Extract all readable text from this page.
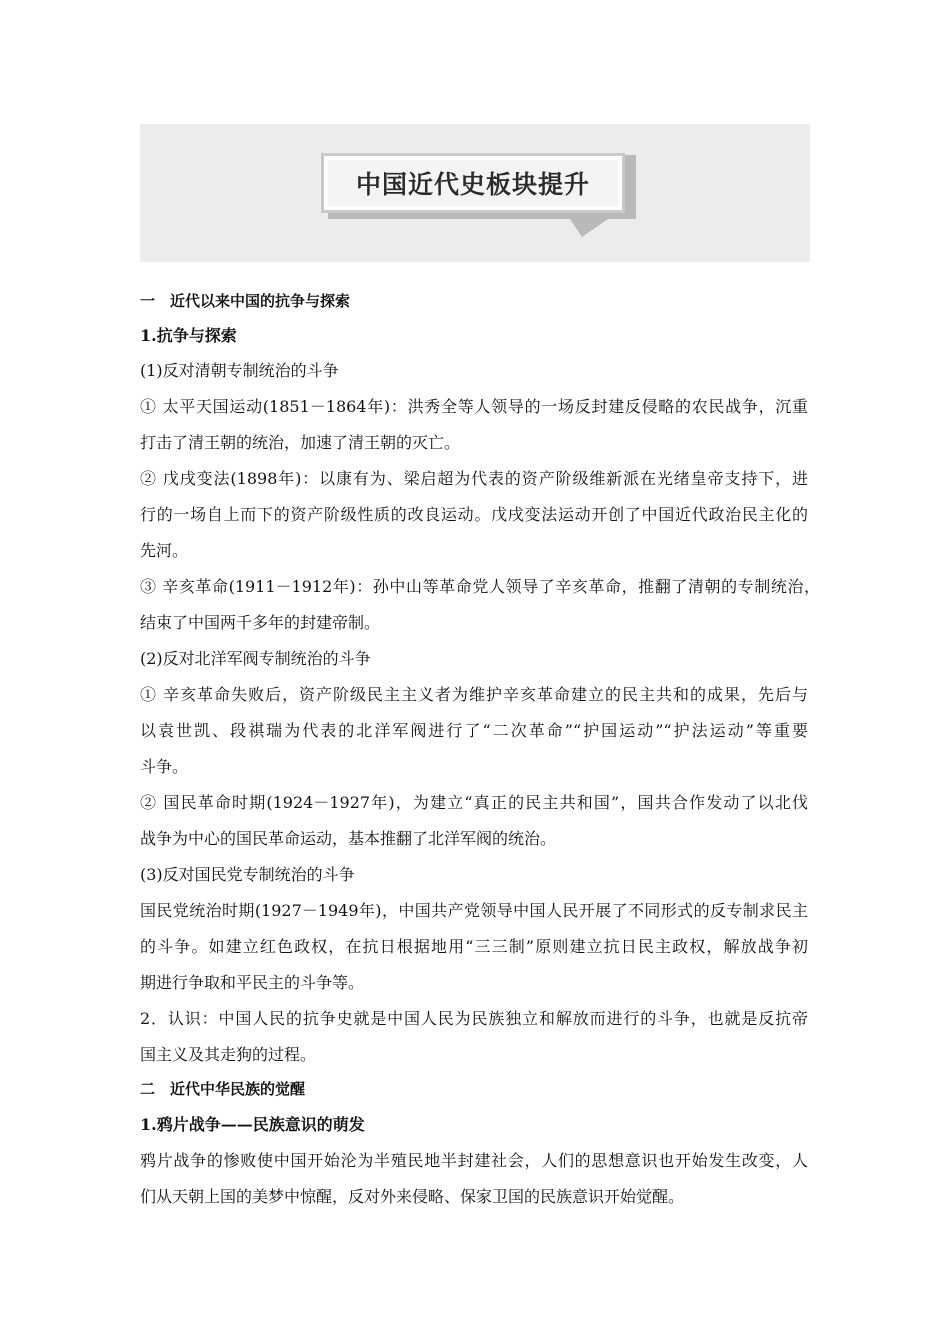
中国近代史板块提升
一　近代以来中国的抗争与探索
1.抗争与探索
(1)反对清朝专制统治的斗争
① 太平天国运动(1851－1864年)：洪秀全等人领导的一场反封建反侵略的农民战争，沉重
打击了清王朝的统治，加速了清王朝的灭亡。
② 戊戌变法(1898年)：以康有为、梁启超为代表的资产阶级维新派在光绪皇帝支持下，进
行的一场自上而下的资产阶级性质的改良运动。戊戌变法运动开创了中国近代政治民主化的
先河。
③ 辛亥革命(1911－1912年)：孙中山等革命党人领导了辛亥革命，推翻了清朝的专制统治，
结束了中国两千多年的封建帝制。
(2)反对北洋军阀专制统治的斗争
① 辛亥革命失败后，资产阶级民主主义者为维护辛亥革命建立的民主共和的成果，先后与
以袁世凯、段祺瑞为代表的北洋军阀进行了“二次革命”“护国运动”“护法运动”等重要
斗争。
② 国民革命时期(1924－1927年)，为建立“真正的民主共和国”，国共合作发动了以北伐
战争为中心的国民革命运动，基本推翻了北洋军阀的统治。
(3)反对国民党专制统治的斗争
国民党统治时期(1927－1949年)，中国共产党领导中国人民开展了不同形式的反专制求民主
的斗争。如建立红色政权，在抗日根据地用“三三制”原则建立抗日民主政权，解放战争初
期进行争取和平民主的斗争等。
2．认识：中国人民的抗争史就是中国人民为民族独立和解放而进行的斗争，也就是反抗帝
国主义及其走狗的过程。
二　近代中华民族的觉醒
1.鸦片战争——民族意识的萌发
鸦片战争的惨败使中国开始沦为半殖民地半封建社会，人们的思想意识也开始发生改变，人
们从天朝上国的美梦中惊醒，反对外来侵略、保家卫国的民族意识开始觉醒。
